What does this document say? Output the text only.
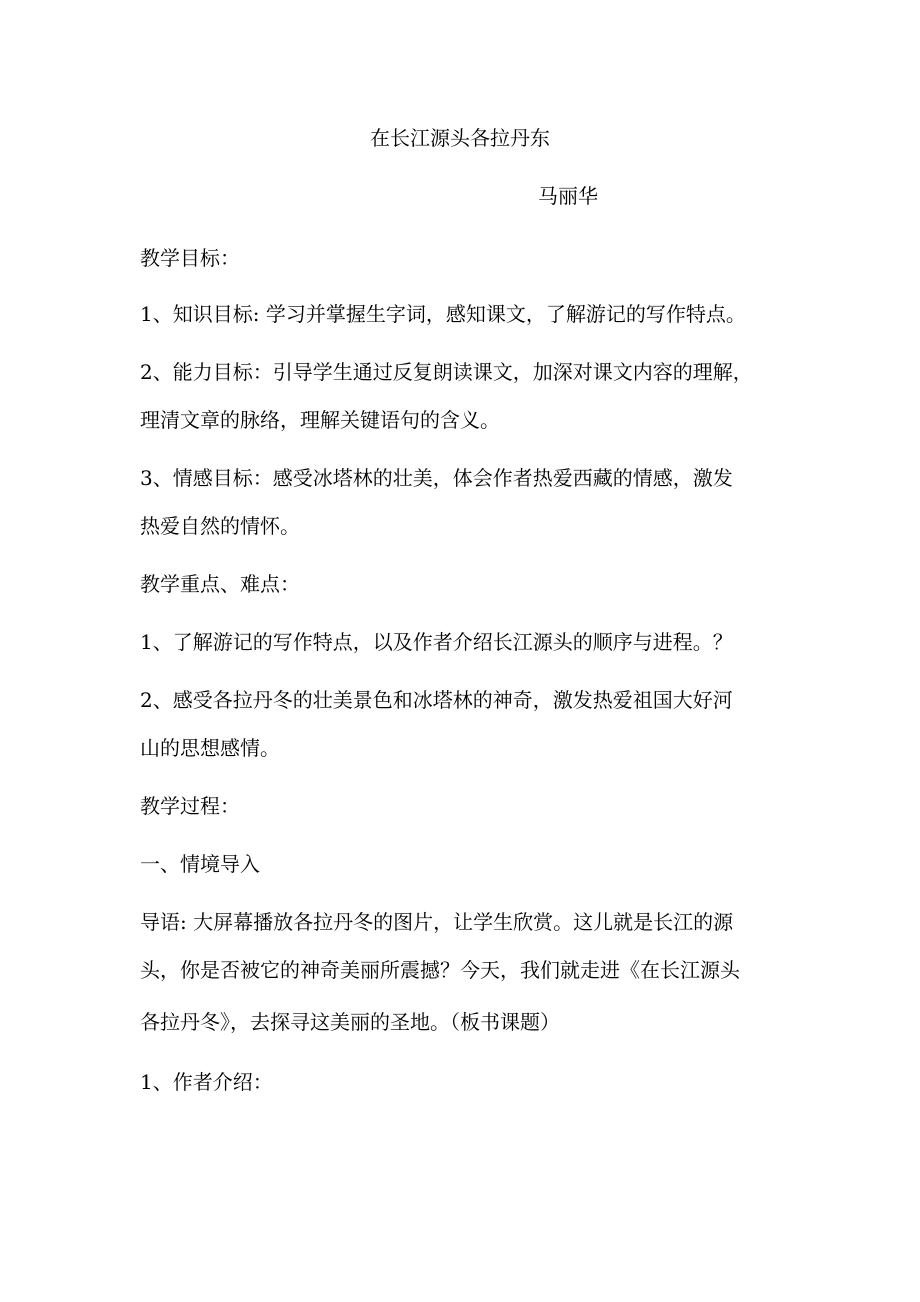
在长江源头各拉丹东
马丽华
教学目标：
1、知识目标: 学习并掌握生字词，感知课文，了解游记的写作特点。
2、能力目标：引导学生通过反复朗读课文，加深对课文内容的理解，
理清文章的脉络，理解关键语句的含义。
3、情感目标：感受冰塔林的壮美，体会作者热爱西藏的情感，激发
热爱自然的情怀。
教学重点、难点：
1、了解游记的写作特点，以及作者介绍长江源头的顺序与进程。？
2、感受各拉丹冬的壮美景色和冰塔林的神奇，激发热爱祖国大好河
山的思想感情。
教学过程：
一、情境导入
导语: 大屏幕播放各拉丹冬的图片，让学生欣赏。这儿就是长江的源
头，你是否被它的神奇美丽所震撼？今天，我们就走进《在长江源头
各拉丹冬》，去探寻这美丽的圣地。（板书课题）
1、作者介绍：
